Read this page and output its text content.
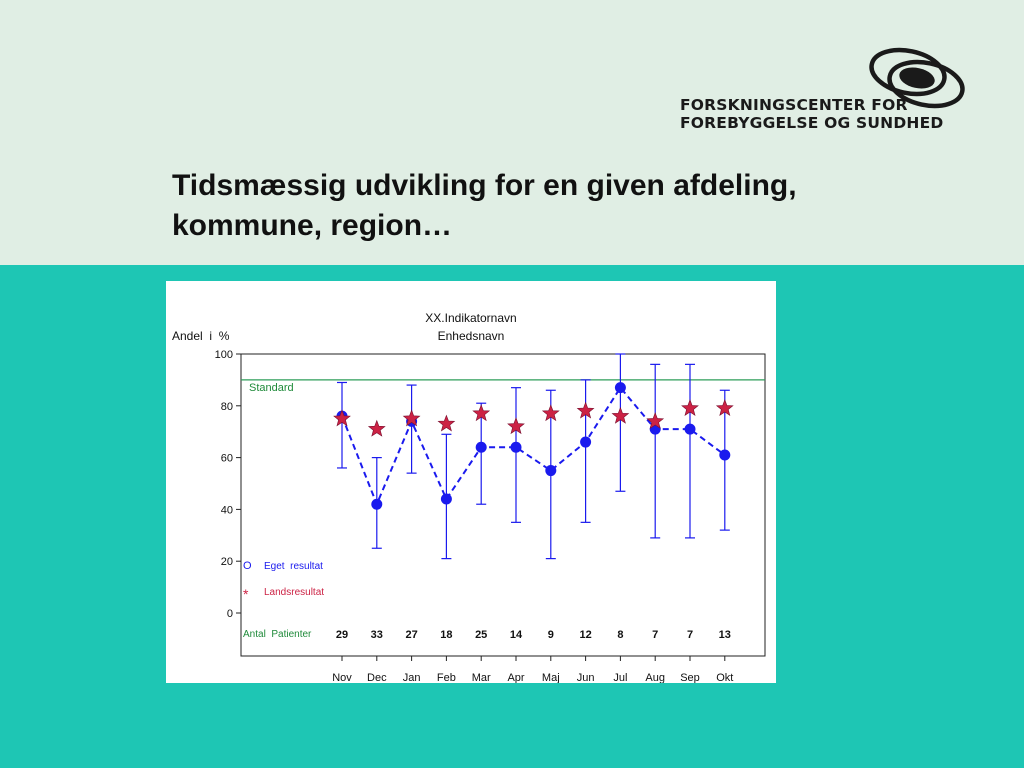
FORSKNINGSCENTER FOR
FOREBYGGELSE OG SUNDHED
Tidsmæssig udvikling for en given afdeling,
kommune, region…
XX.Indikatornavn
Enhedsnavn
Andel  i  %
Standard
100
80
60
40
20
0
Nov Dec Jan Feb Mar Apr Maj Jun Jul Aug Sep Okt
O Eget  resultat
* Landsresultat
Antal  Patienter 29 33 27 18 25 14 9 12 8	7	7 13
